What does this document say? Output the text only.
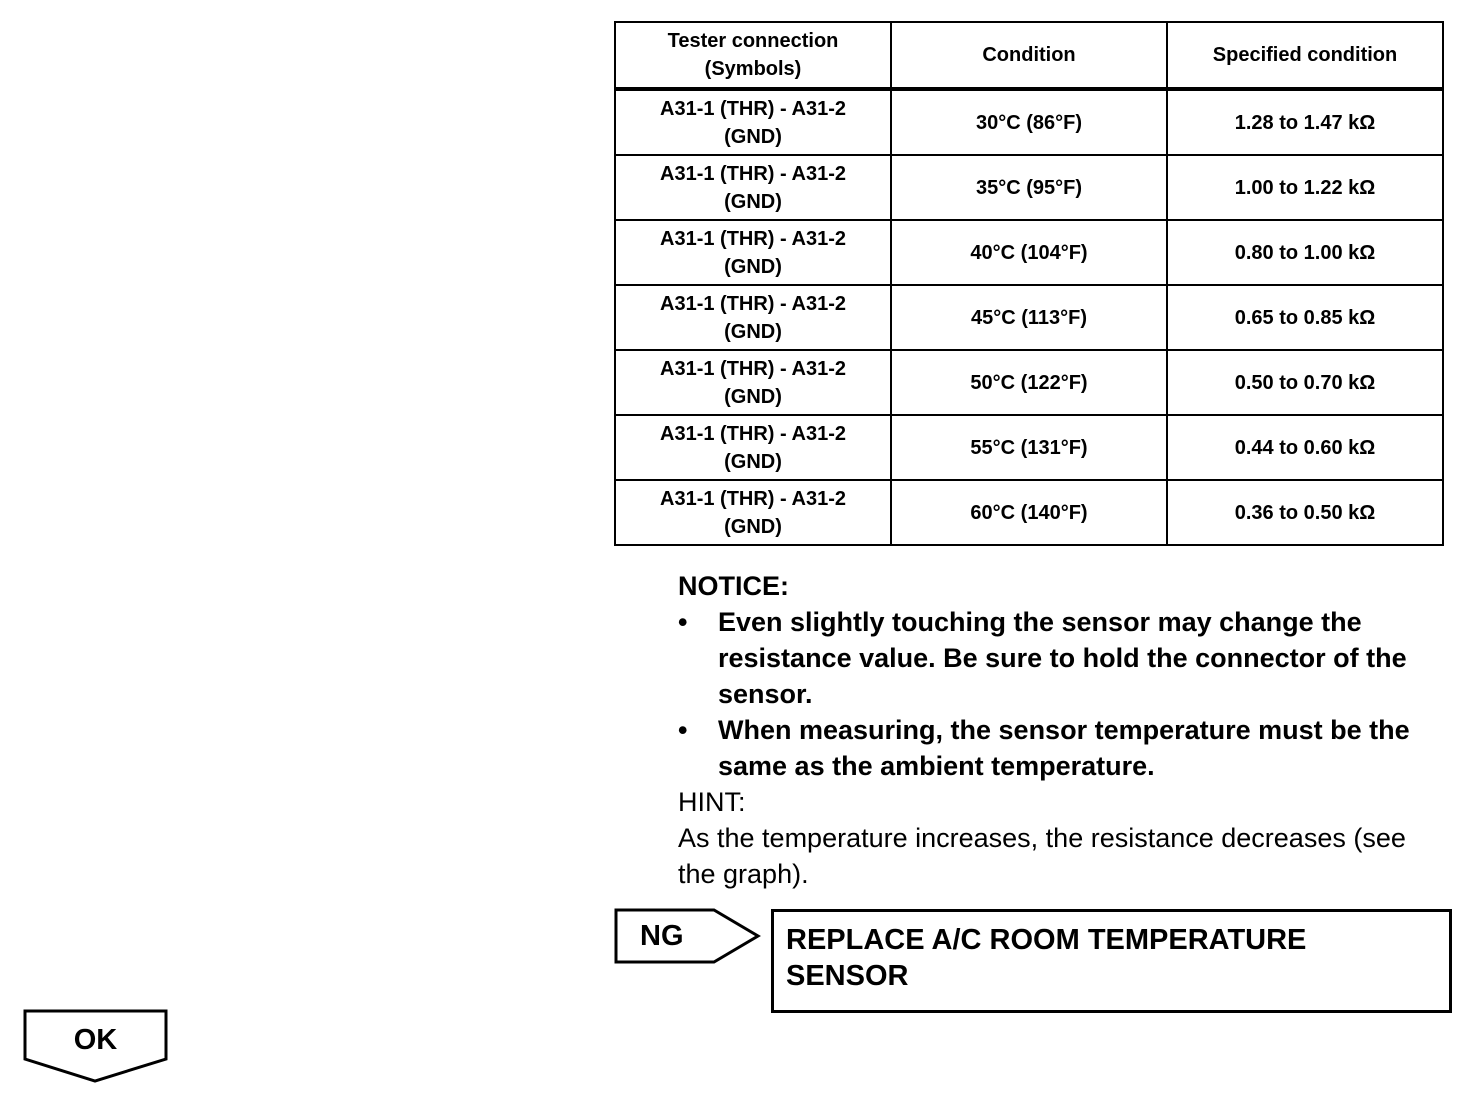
Tester connection
(Symbols)	Condition	Specified condition

A31-1 (THR) - A31-2
(GND)	30°C (86°F)	1.28 to 1.47 kΩ

A31-1 (THR) - A31-2
(GND)	35°C (95°F)	1.00 to 1.22 kΩ

A31-1 (THR) - A31-2
(GND)	40°C (104°F)	0.80 to 1.00 kΩ

A31-1 (THR) - A31-2
(GND)	45°C (113°F)	0.65 to 0.85 kΩ

A31-1 (THR) - A31-2
(GND)	50°C (122°F)	0.50 to 0.70 kΩ

A31-1 (THR) - A31-2
(GND)	55°C (131°F)	0.44 to 0.60 kΩ

A31-1 (THR) - A31-2
(GND)	60°C (140°F)	0.36 to 0.50 kΩ
NOTICE:
•	Even slightly touching the sensor may change the resistance value. Be sure to hold the connector of the sensor.
•	When measuring, the sensor temperature must be the same as the ambient temperature.
HINT:
As the temperature increases, the resistance decreases (see the graph).
NG	REPLACE A/C ROOM TEMPERATURE SENSOR
OK
